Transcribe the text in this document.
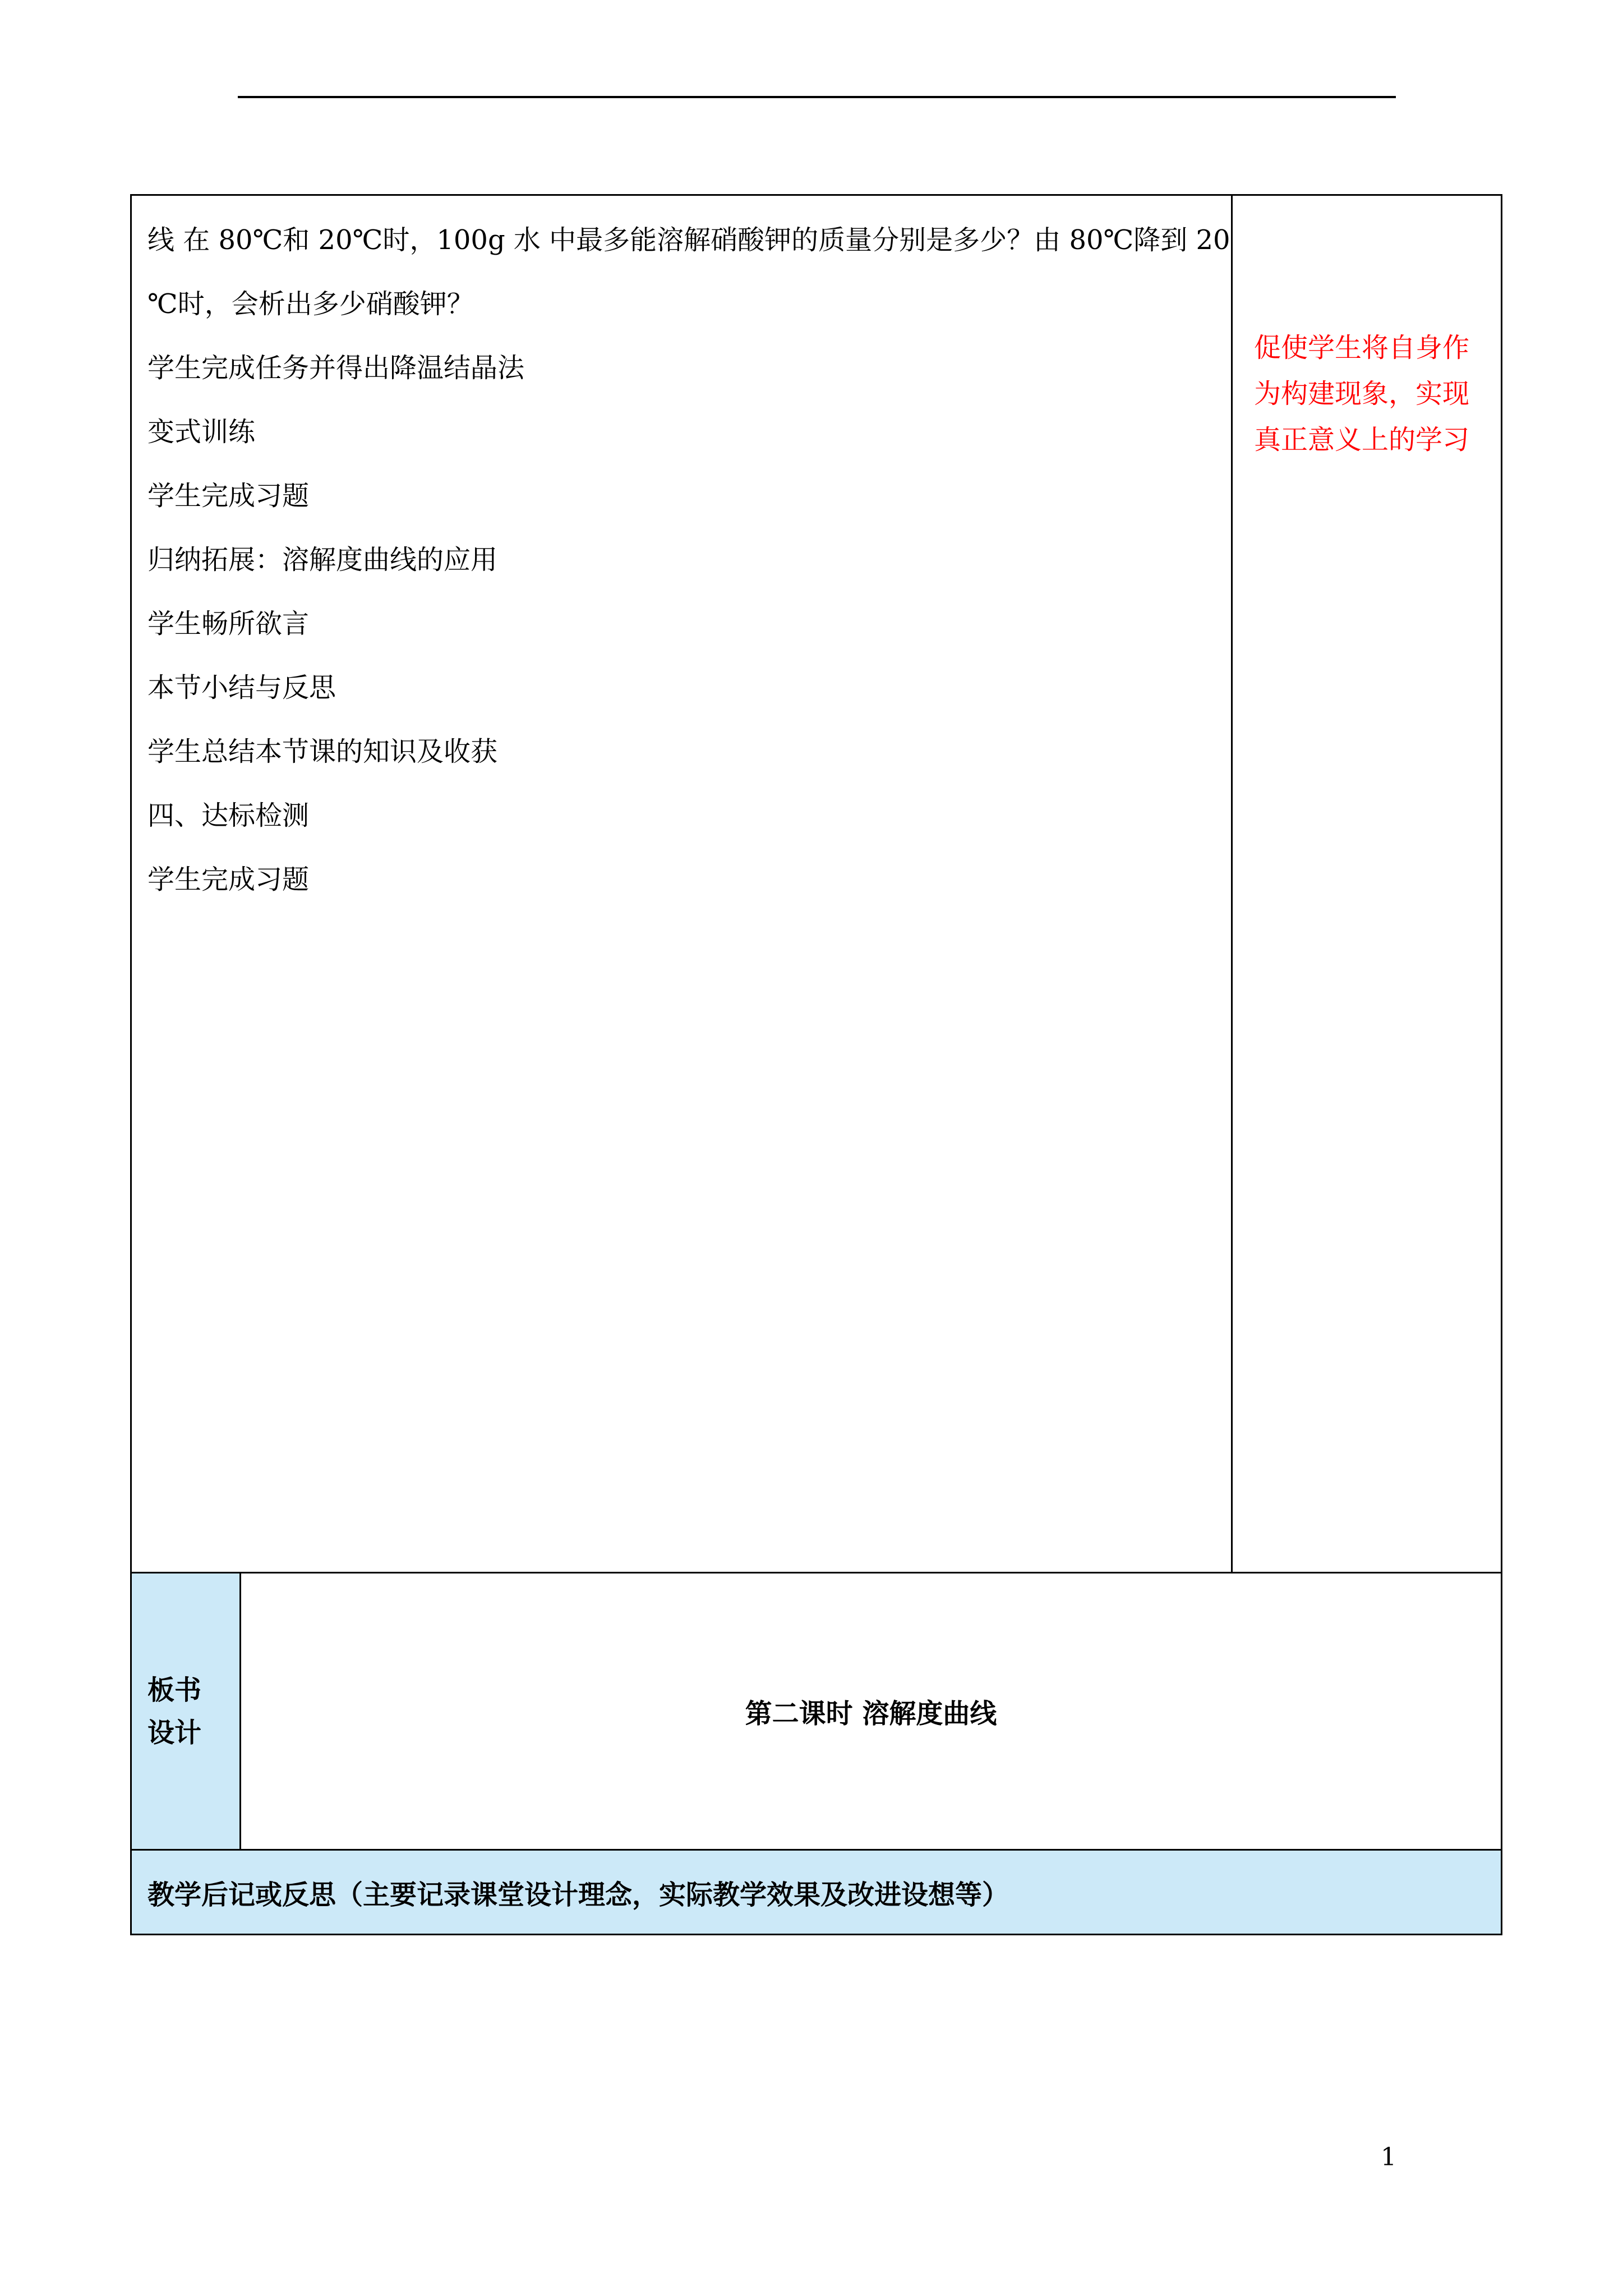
线 在 80℃和 20℃时，100g 水 中最多能溶解硝酸钾的质量分别是多少？由 80℃降到 20
℃时，会析出多少硝酸钾？
学生完成任务并得出降温结晶法
变式训练
学生完成习题
归纳拓展：溶解度曲线的应用
学生畅所欲言
本节小结与反思
学生总结本节课的知识及收获
四、达标检测
学生完成习题
促使学生将自身作
为构建现象，实现
真正意义上的学习
板书
设计
第二课时 溶解度曲线
教学后记或反思（主要记录课堂设计理念，实际教学效果及改进设想等）
1
